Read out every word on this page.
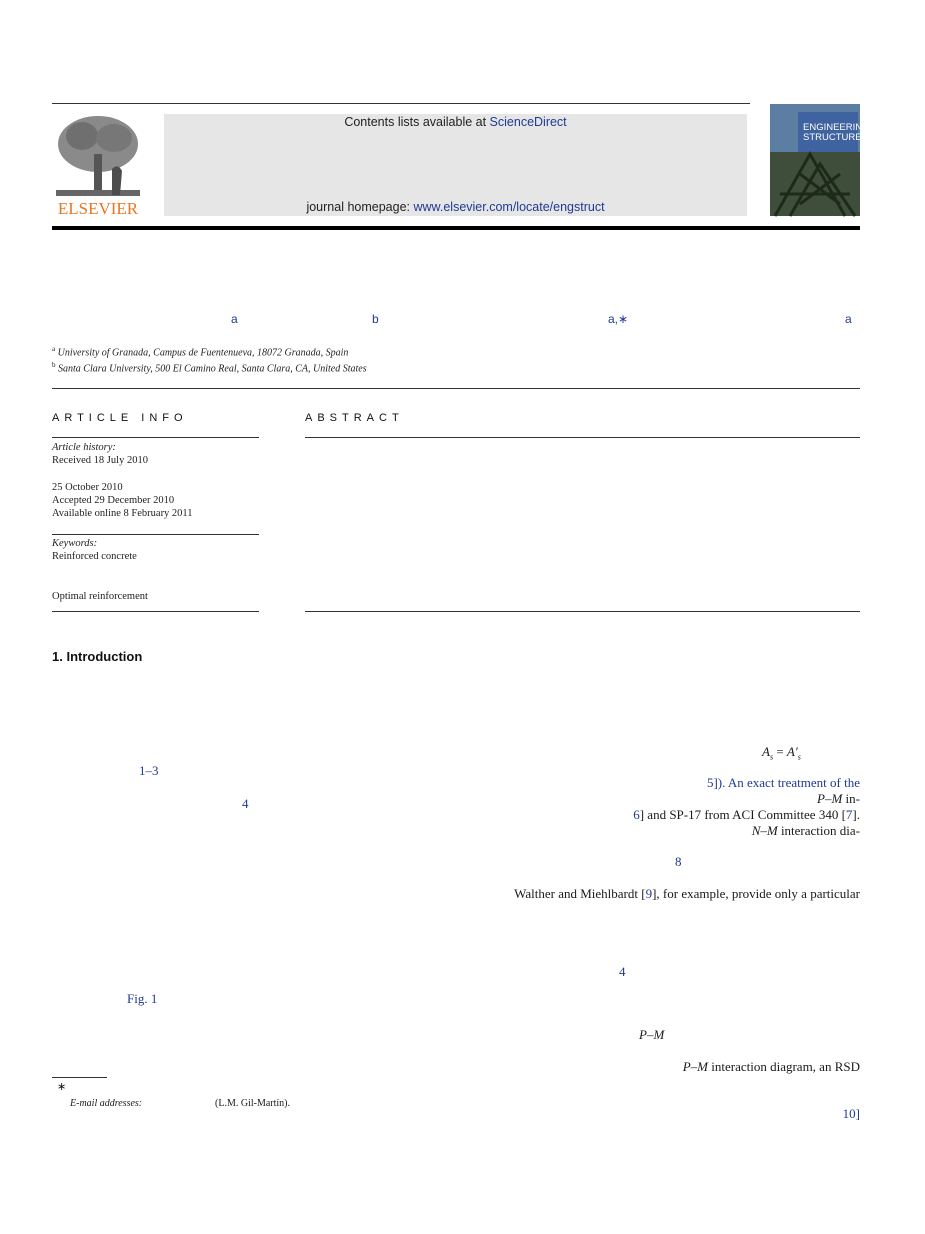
ELSEVIER
Contents lists available at ScienceDirect
journal homepage: www.elsevier.com/locate/engstruct
ENGINEERING
STRUCTURES
a	b	a,∗	a
$^a$ University of Granada, Campus de Fuentenueva, 18072 Granada, Spain
$^b$ Santa Clara University, 500 El Camino Real, Santa Clara, CA, United States
ARTICLE INFO
Article history:
Received 18 July 2010
25 October 2010
Accepted 29 December 2010
Available online 8 February 2011
Keywords:
Reinforced concrete
Optimal reinforcement
ABSTRACT
1. Introduction
$A_s = A'_s$
1–3
5]). An exact treatment of the
P–M in-
4
6] and SP-17 from ACI Committee 340 [7].
N–M interaction dia-
8
Walther and Miehlbardt [9], for example, provide only a particular
4
Fig. 1
P–M
P–M interaction diagram, an RSD
10]
∗
E-mail addresses:	(L.M. Gil-Martín).
